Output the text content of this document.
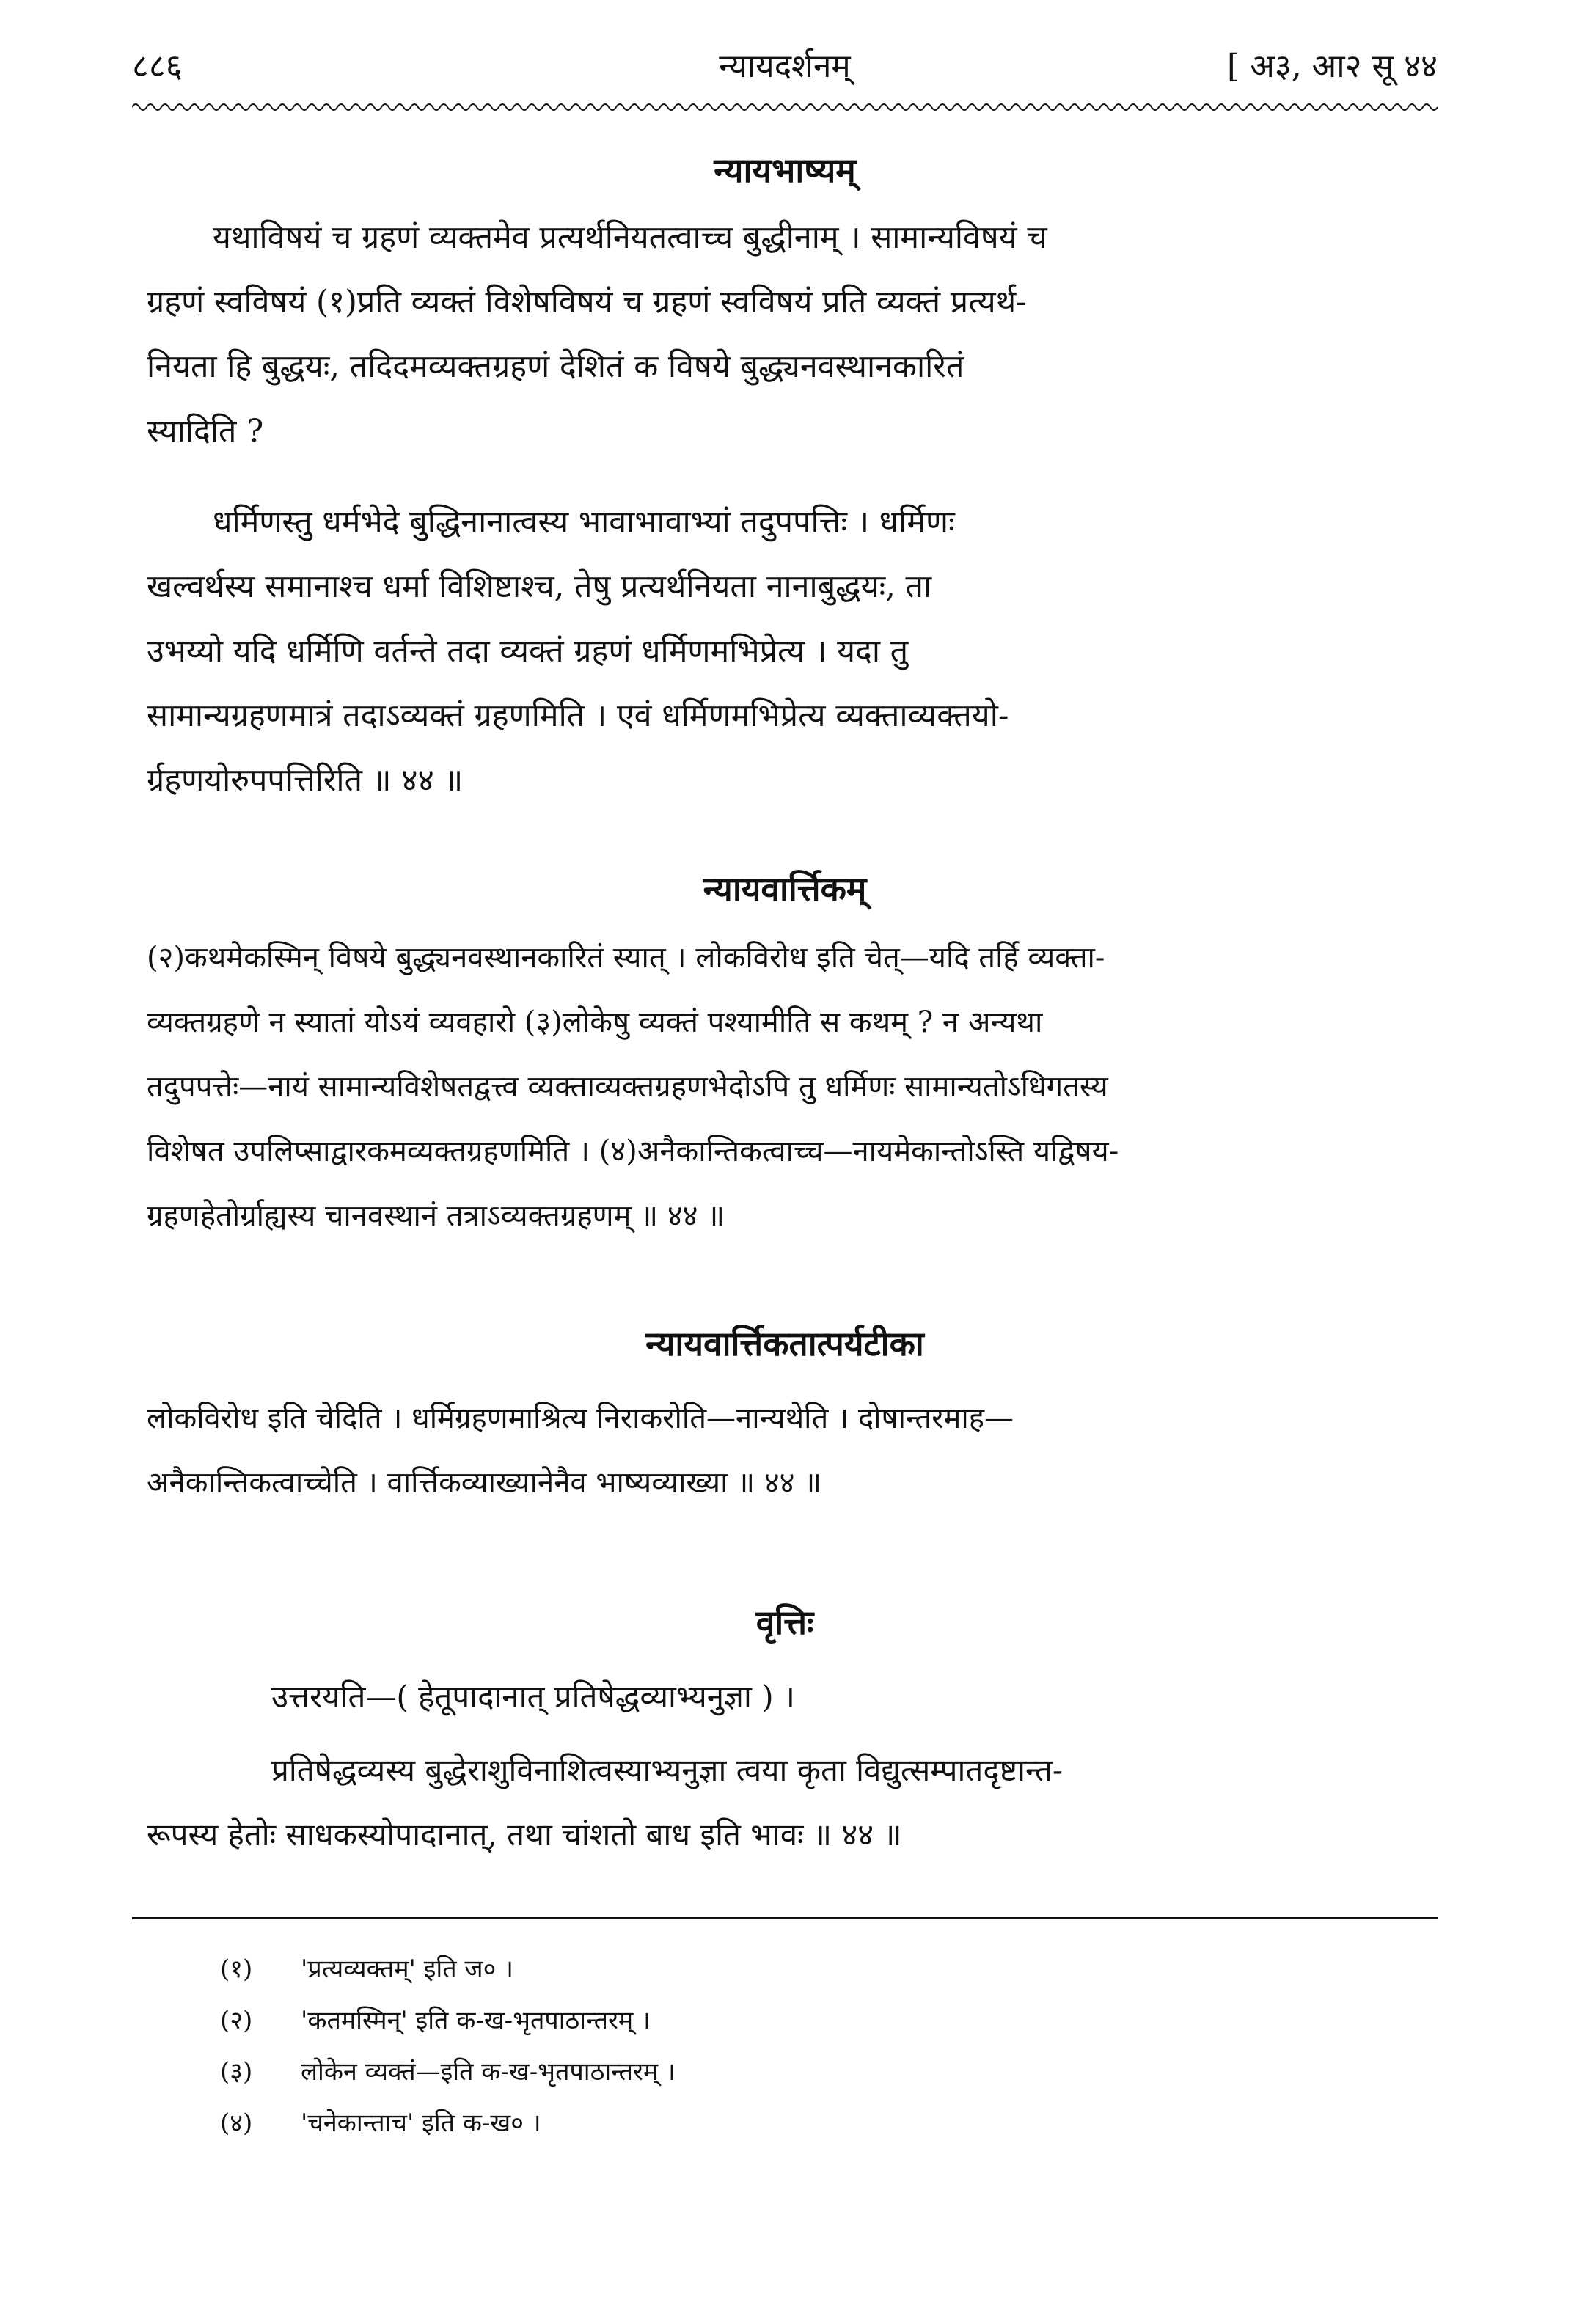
८८६	न्यायदर्शनम्	[ अ३, आ२ सू ४४
न्यायभाष्यम्
यथाविषयं च ग्रहणं व्यक्तमेव प्रत्यर्थनियतत्वाच्च बुद्धीनाम् । सामान्यविषयं च
ग्रहणं स्वविषयं (१)प्रति व्यक्तं विशेषविषयं च ग्रहणं स्वविषयं प्रति व्यक्तं प्रत्यर्थ-
नियता हि बुद्धयः, तदिदमव्यक्तग्रहणं देशितं क विषये बुद्ध्यनवस्थानकारितं
स्यादिति ?
धर्मिणस्तु धर्मभेदे बुद्धिनानात्वस्य भावाभावाभ्यां तदुपपत्तिः । धर्मिणः
खल्वर्थस्य समानाश्च धर्मा विशिष्टाश्च, तेषु प्रत्यर्थनियता नानाबुद्धयः, ता
उभय्यो यदि धर्मिणि वर्तन्ते तदा व्यक्तं ग्रहणं धर्मिणमभिप्रेत्य । यदा तु
सामान्यग्रहणमात्रं तदाऽव्यक्तं ग्रहणमिति । एवं धर्मिणमभिप्रेत्य व्यक्ताव्यक्तयो-
र्ग्रहणयोरुपपत्तिरिति ॥ ४४ ॥
न्यायवार्त्तिकम्
(२)कथमेकस्मिन् विषये बुद्ध्यनवस्थानकारितं स्यात् । लोकविरोध इति चेत्—यदि तर्हि व्यक्ता-
व्यक्तग्रहणे न स्यातां योऽयं व्यवहारो (३)लोकेषु व्यक्तं पश्यामीति स कथम् ? न अन्यथा
तदुपपत्तेः—नायं सामान्यविशेषतद्वत्त्व व्यक्ताव्यक्तग्रहणभेदोऽपि तु धर्मिणः सामान्यतोऽधिगतस्य
विशेषत उपलिप्साद्वारकमव्यक्तग्रहणमिति । (४)अनैकान्तिकत्वाच्च—नायमेकान्तोऽस्ति यद्विषय-
ग्रहणहेतोर्ग्राह्यस्य चानवस्थानं तत्राऽव्यक्तग्रहणम् ॥ ४४ ॥
न्यायवार्त्तिकतात्पर्यटीका
लोकविरोध इति चेदिति । धर्मिग्रहणमाश्रित्य निराकरोति—नान्यथेति । दोषान्तरमाह—
अनैकान्तिकत्वाच्चेति । वार्त्तिकव्याख्यानेनैव भाष्यव्याख्या ॥ ४४ ॥
वृत्तिः
उत्तरयति—( हेतूपादानात् प्रतिषेद्धव्याभ्यनुज्ञा ) ।
प्रतिषेद्धव्यस्य बुद्धेराशुविनाशित्वस्याभ्यनुज्ञा त्वया कृता विद्युत्सम्पातदृष्टान्त-
रूपस्य हेतोः साधकस्योपादानात्, तथा चांशतो बाध इति भावः ॥ ४४ ॥
(१) 'प्रत्यव्यक्तम्' इति ज० ।
(२) 'कतमस्मिन्' इति क-ख-भृतपाठान्तरम् ।
(३) लोकेन व्यक्तं—इति क-ख-भृतपाठान्तरम् ।
(४) 'चनेकान्ताच' इति क-ख० ।
